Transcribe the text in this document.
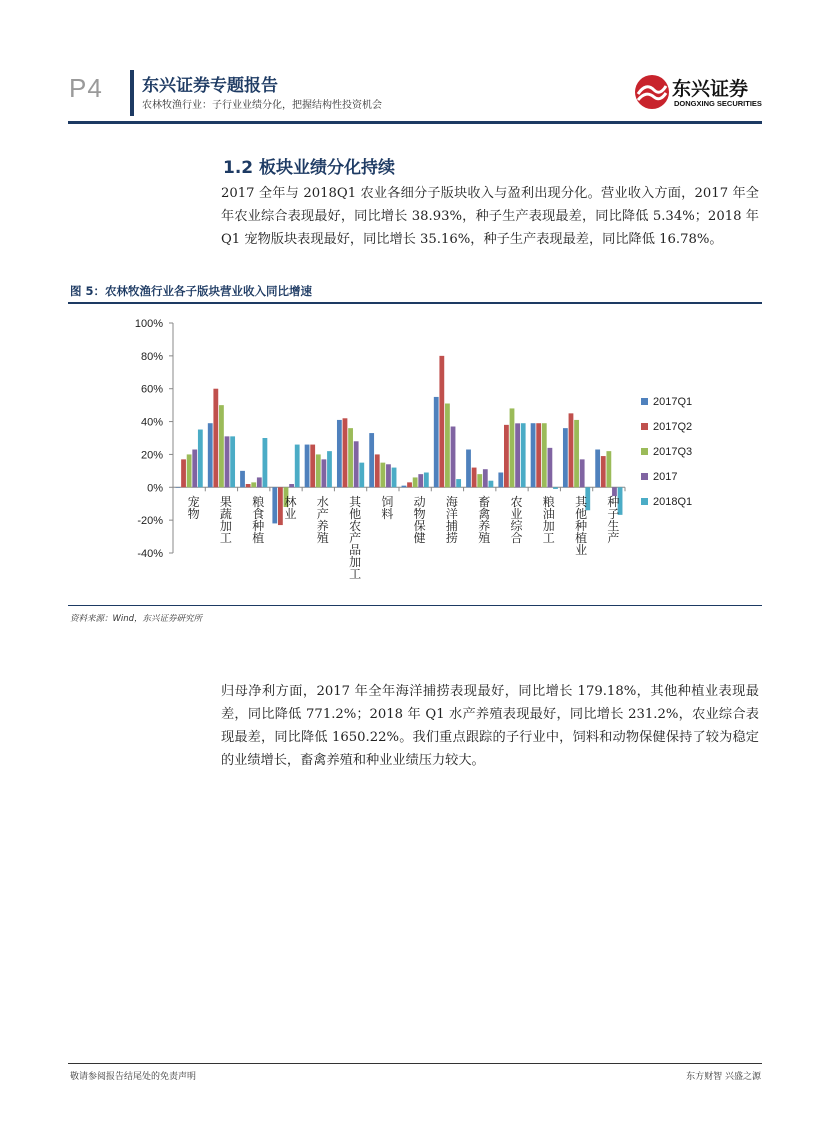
P4 东兴证券专题报告
农林牧渔行业：子行业业绩分化，把握结构性投资机会
东兴证券
DONGXING SECURITIES
1.2 板块业绩分化持续
2017 全年与 2018Q1 农业各细分子版块收入与盈利出现分化。营业收入方面，2017 年全年农业综合表现最好，同比增长 38.93%，种子生产表现最差，同比降低 5.34%；2018 年 Q1 宠物版块表现最好，同比增长 35.16%，种子生产表现最差，同比降低 16.78%。
图 5：农林牧渔行业各子版块营业收入同比增速
-40%
-20%
0%
20%
40%
60%
80%
100%
宠物 果蔬加工 粮食种植 林业 水产养殖 其他农产品加工 饲料 动物保健 海洋捕捞 畜禽养殖 农业综合 粮油加工 其他种植业 种子生产
2017Q1
2017Q2
2017Q3
2017
2018Q1
资料来源：Wind，东兴证券研究所
归母净利方面，2017 年全年海洋捕捞表现最好，同比增长 179.18%，其他种植业表现最差，同比降低 771.2%；2018 年 Q1 水产养殖表现最好，同比增长 231.2%，农业综合表现最差，同比降低 1650.22%。我们重点跟踪的子行业中，饲料和动物保健保持了较为稳定的业绩增长，畜禽养殖和种业业绩压力较大。
敬请参阅报告结尾处的免责声明	东方财智 兴盛之源
